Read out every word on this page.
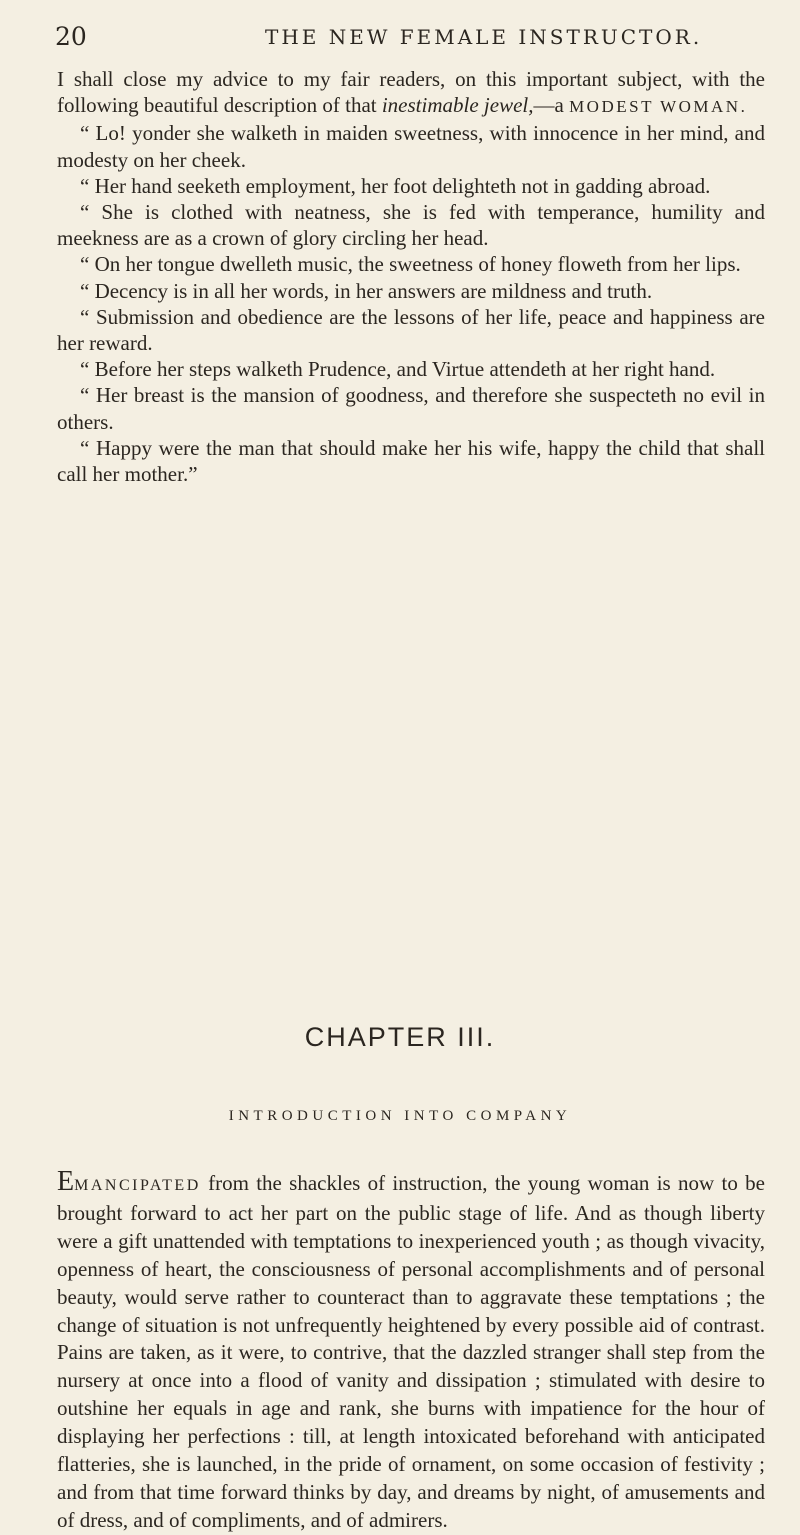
20	THE NEW FEMALE INSTRUCTOR.

I shall close my advice to my fair readers, on this important subject, with the following beautiful description of that inestimable jewel,—a MODEST WOMAN.

“ Lo! yonder she walketh in maiden sweetness, with innocence in her mind, and modesty on her cheek.

“ Her hand seeketh employment, her foot delighteth not in gadding abroad.

“ She is clothed with neatness, she is fed with temperance, humility and meekness are as a crown of glory circling her head.

“ On her tongue dwelleth music, the sweetness of honey floweth from her lips.

“ Decency is in all her words, in her answers are mildness and truth.

“ Submission and obedience are the lessons of her life, peace and happiness are her reward.

“ Before her steps walketh Prudence, and Virtue attendeth at her right hand.

“ Her breast is the mansion of goodness, and therefore she suspecteth no evil in others.

“ Happy were the man that should make her his wife, happy the child that shall call her mother.”

CHAPTER III.
INTRODUCTION INTO COMPANY
EMANCIPATED from the shackles of instruction, the young woman is now to be brought forward to act her part on the public stage of life. And as though liberty were a gift unattended with temptations to inexperienced youth ; as though vivacity, openness of heart, the consciousness of personal accomplishments and of personal beauty, would serve rather to counteract than to aggravate these temptations ; the change of situation is not unfrequently heightened by every possible aid of contrast. Pains are taken, as it were, to contrive, that the dazzled stranger shall step from the nursery at once into a flood of vanity and dissipation ; stimulated with desire to outshine her equals in age and rank, she burns with impatience for the hour of displaying her perfections : till, at length intoxicated beforehand with anticipated flatteries, she is launched, in the pride of ornament, on some occasion of festivity ; and from that time forward thinks by day, and dreams by night, of amusements and of dress, and of compliments, and of admirers.
